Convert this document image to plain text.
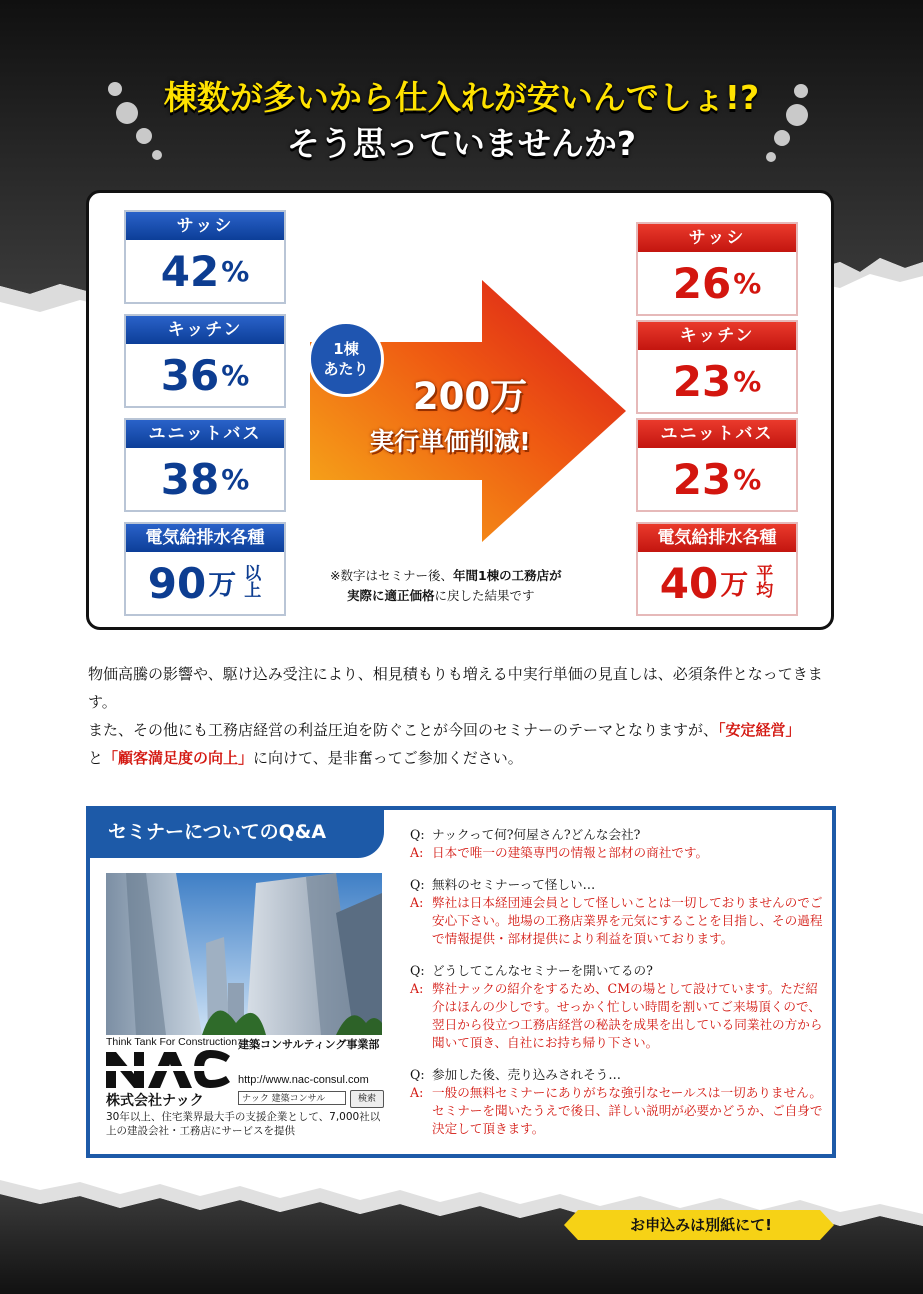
棟数が多いから仕入れが安いんでしょ!?
そう思っていませんか?
1棟
あたり
200万
実行単価削減!
サッシ
42 %
キッチン
36 %
ユニットバス
38 %
電気給排水各種
90 万 以上
サッシ
26 %
キッチン
23 %
ユニットバス
23 %
電気給排水各種
40 万 平均
※数字はセミナー後、年間1棟の工務店が
実際に適正価格に戻した結果です
物価高騰の影響や、駆け込み受注により、相見積もりも増える中実行単価の見直しは、必須条件となってきます。
また、その他にも工務店経営の利益圧迫を防ぐことが今回のセミナーのテーマとなりますが、「安定経営」
と「顧客満足度の向上」に向けて、是非奮ってご参加ください。
セミナーについてのQ&A
Think Tank For Construction 建築コンサルティング事業部
http://www.nac-consul.com
株式会社ナック	ナック 建築コンサル	検索
30年以上、住宅業界最大手の支援企業として、7,000社以上の建設会社・工務店にサービスを提供
Q: ナックって何?何屋さん?どんな会社?
A: 日本で唯一の建築専門の情報と部材の商社です。
Q: 無料のセミナーって怪しい…
A: 弊社は日本経団連会員として怪しいことは一切しておりませんのでご安心下さい。地場の工務店業界を元気にすることを目指し、その過程で情報提供・部材提供により利益を頂いております。
Q: どうしてこんなセミナーを開いてるの?
A: 弊社ナックの紹介をするため、CMの場として設けています。ただ紹介はほんの少しです。せっかく忙しい時間を割いてご来場頂くので、翌日から役立つ工務店経営の秘訣を成果を出している同業社の方から聞いて頂き、自社にお持ち帰り下さい。
Q: 参加した後、売り込みされそう…
A: 一般の無料セミナーにありがちな強引なセールスは一切ありません。セミナーを聞いたうえで後日、詳しい説明が必要かどうか、ご自身で決定して頂きます。
お申込みは別紙にて!
